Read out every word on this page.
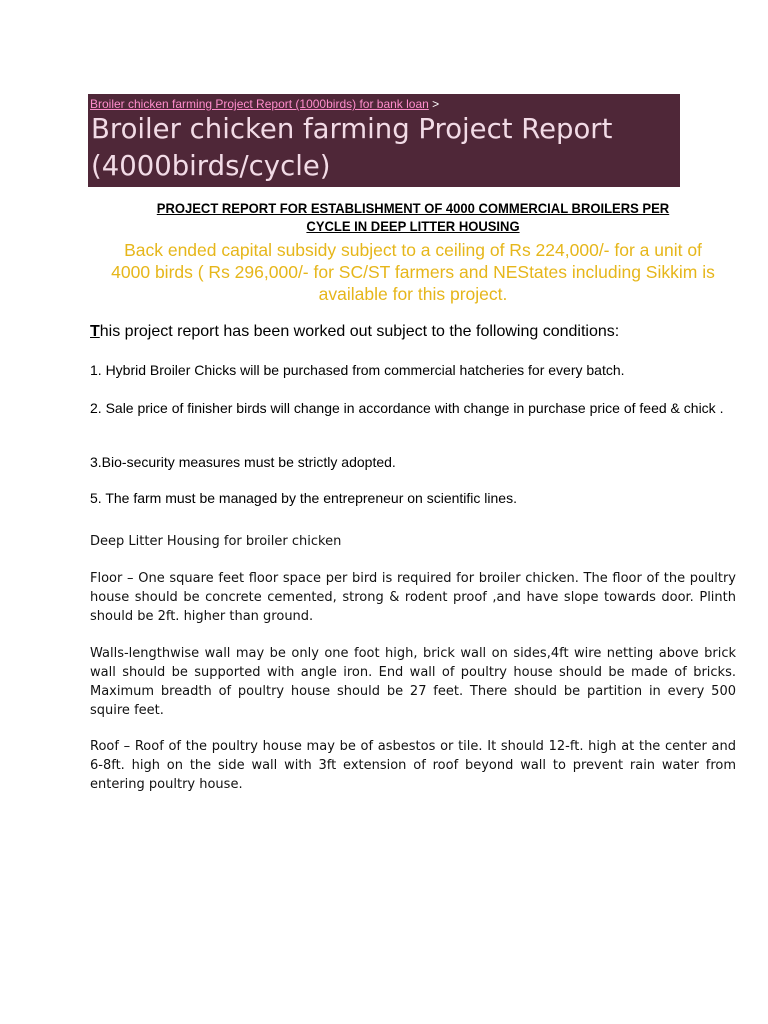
Broiler chicken farming Project Report (1000birds) for bank loan >
Broiler chicken farming Project Report
(4000birds/cycle)
PROJECT REPORT FOR ESTABLISHMENT OF 4000 COMMERCIAL BROILERS PER
CYCLE IN DEEP LITTER HOUSING

Back ended capital subsidy subject to a ceiling of Rs 224,000/- for a unit of
4000 birds ( Rs 296,000/- for SC/ST farmers and NEStates including Sikkim is
available for this project.

This project report has been worked out subject to the following conditions:

1. Hybrid Broiler Chicks will be purchased from commercial hatcheries for every batch.

2. Sale price of finisher birds will change in accordance with change in purchase price of feed & chick .

3.Bio-security measures must be strictly adopted.

5. The farm must be managed by the entrepreneur on scientific lines.

Deep Litter Housing for broiler chicken

Floor – One square feet floor space per bird is required for broiler chicken. The floor of the poultry house should be concrete cemented, strong & rodent proof ,and have slope towards door. Plinth should be 2ft. higher than ground.

Walls-lengthwise wall may be only one foot high, brick wall on sides,4ft wire netting above brick wall should be supported with angle iron. End wall of poultry house should be made of bricks. Maximum breadth of poultry house should be 27 feet. There should be partition in every 500 squire feet.

Roof – Roof of the poultry house may be of asbestos or tile. It should 12-ft. high at the center and 6-8ft. high on the side wall with 3ft extension of roof beyond wall to prevent rain water from entering poultry house.
